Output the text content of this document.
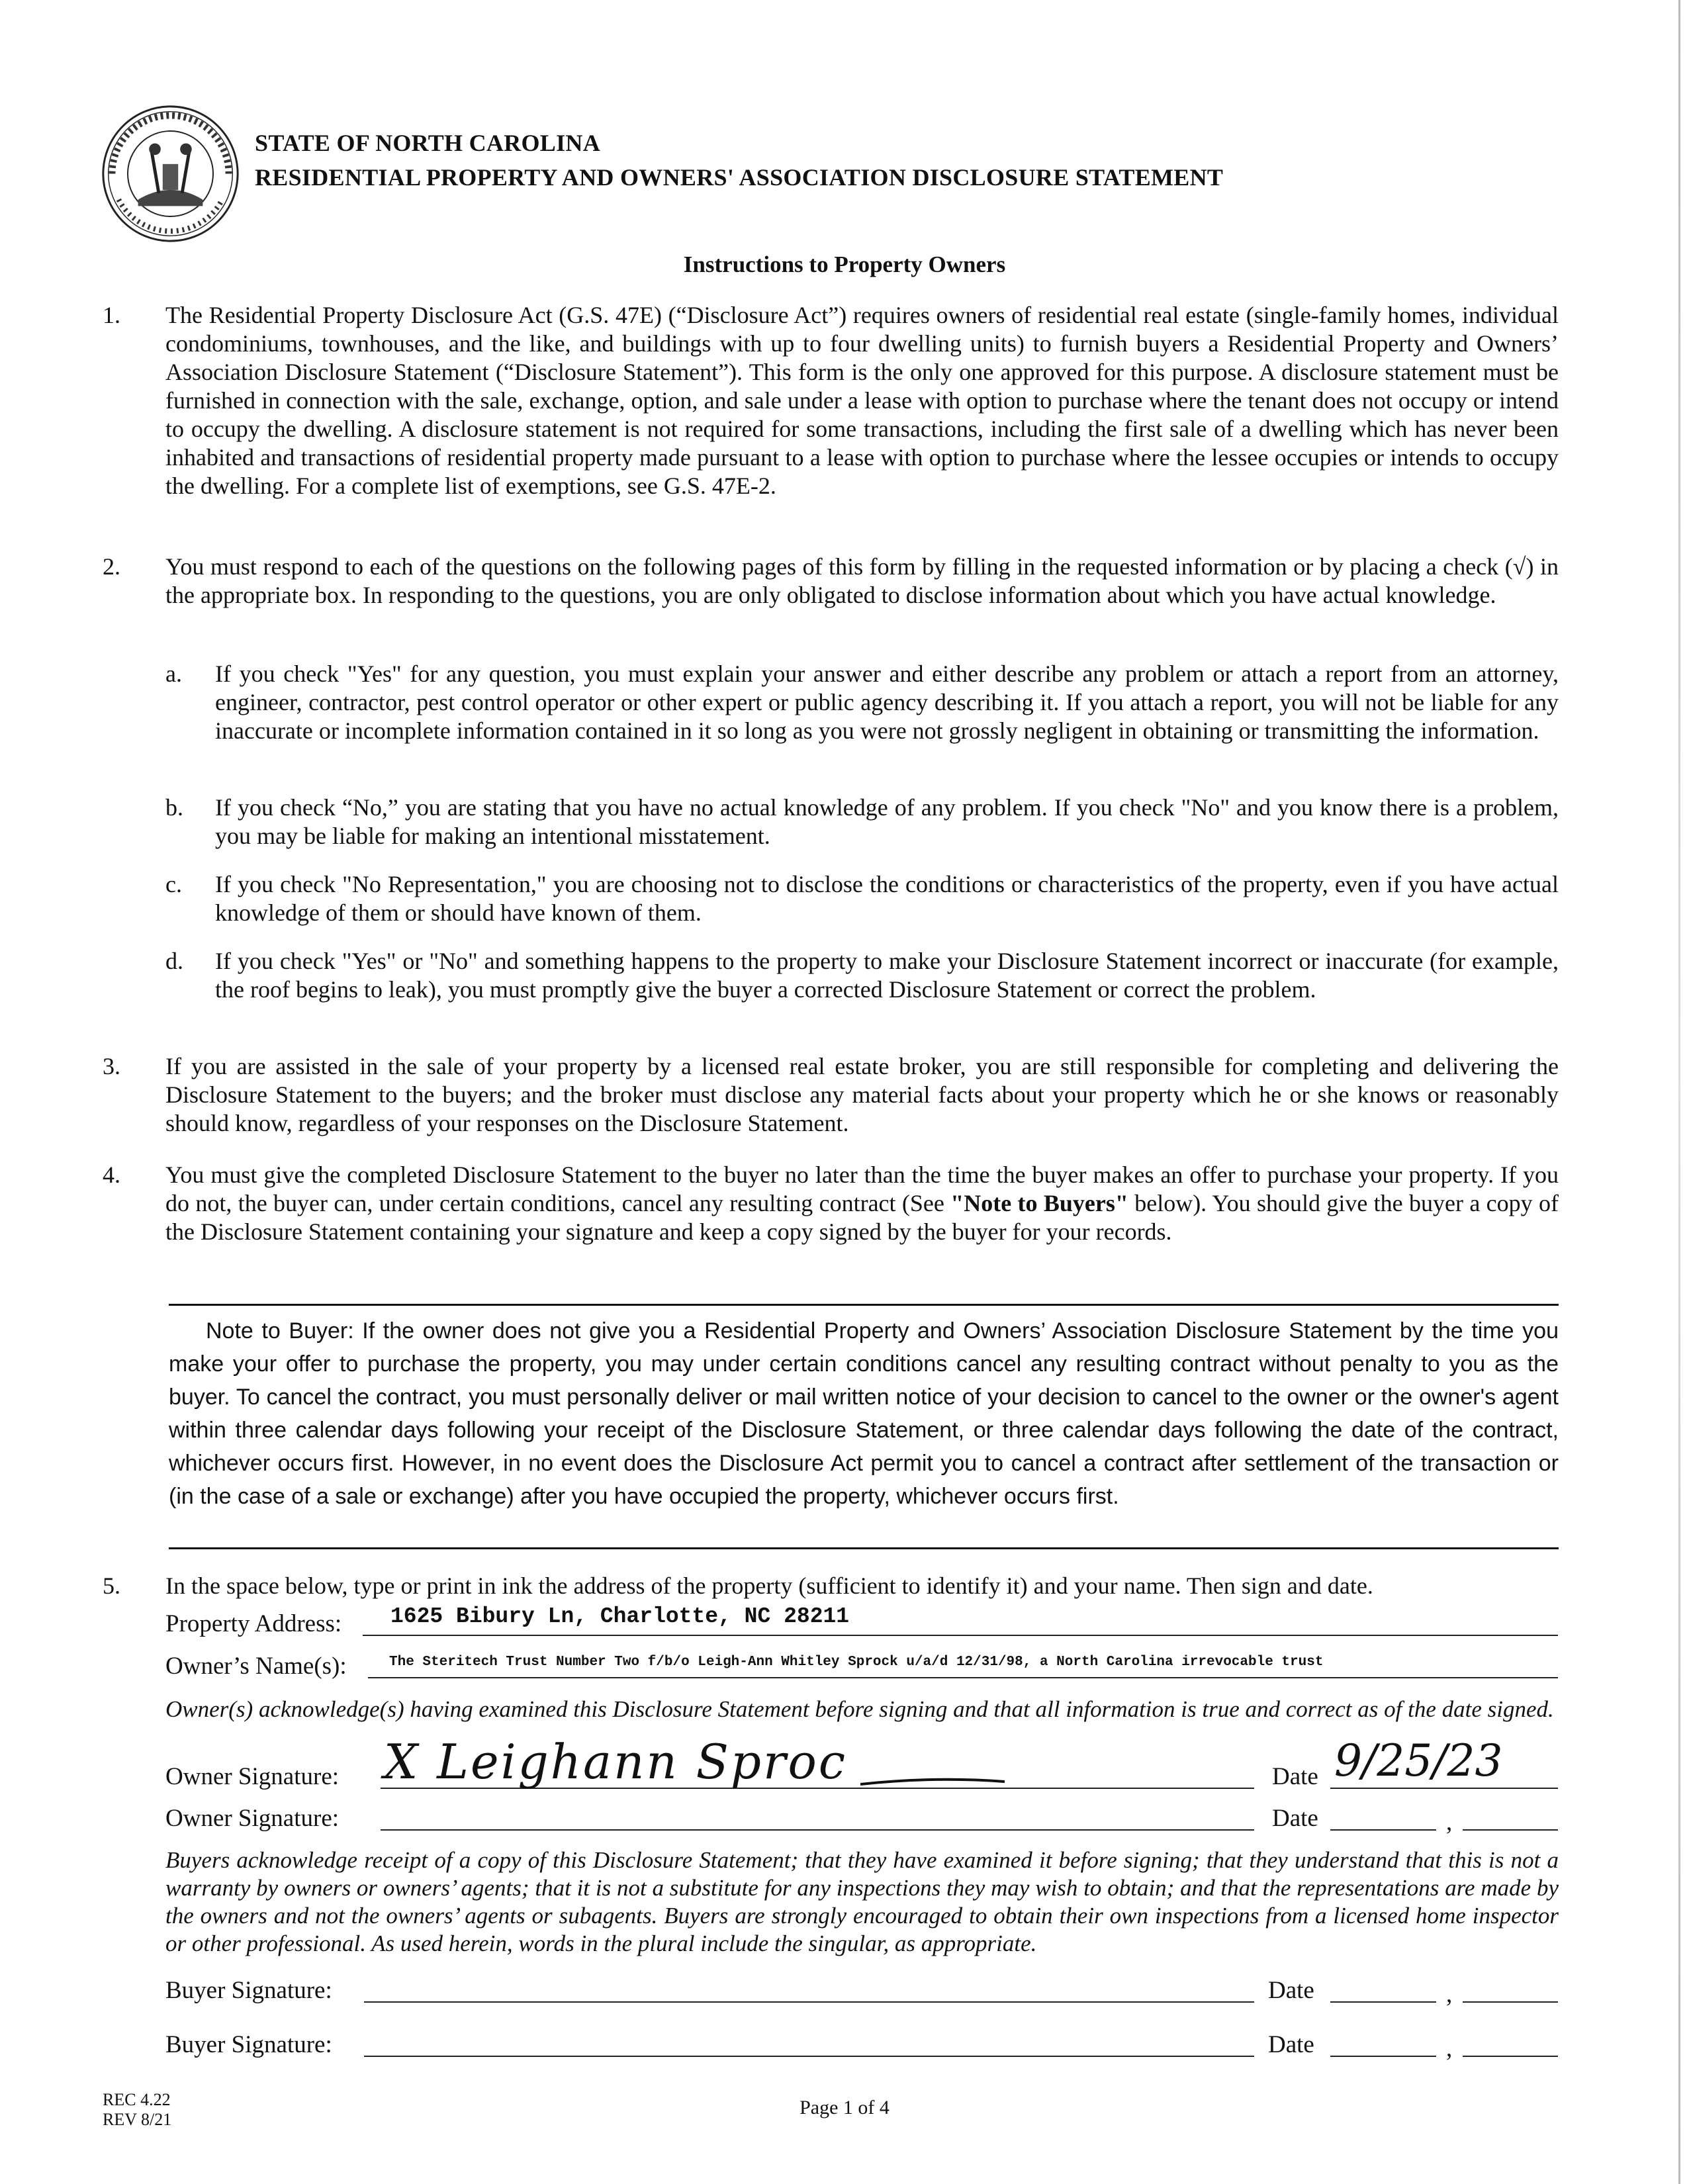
STATE OF NORTH CAROLINA
RESIDENTIAL PROPERTY AND OWNERS' ASSOCIATION DISCLOSURE STATEMENT
Instructions to Property Owners
1.	The Residential Property Disclosure Act (G.S. 47E) (“Disclosure Act”) requires owners of residential real estate (single-family homes, individual condominiums, townhouses, and the like, and buildings with up to four dwelling units) to furnish buyers a Residential Property and Owners’ Association Disclosure Statement (“Disclosure Statement”). This form is the only one approved for this purpose. A disclosure statement must be furnished in connection with the sale, exchange, option, and sale under a lease with option to purchase where the tenant does not occupy or intend to occupy the dwelling. A disclosure statement is not required for some transactions, including the first sale of a dwelling which has never been inhabited and transactions of residential property made pursuant to a lease with option to purchase where the lessee occupies or intends to occupy the dwelling. For a complete list of exemptions, see G.S. 47E-2.
2.	You must respond to each of the questions on the following pages of this form by filling in the requested information or by placing a check (√) in the appropriate box. In responding to the questions, you are only obligated to disclose information about which you have actual knowledge.
a.	If you check "Yes" for any question, you must explain your answer and either describe any problem or attach a report from an attorney, engineer, contractor, pest control operator or other expert or public agency describing it. If you attach a report, you will not be liable for any inaccurate or incomplete information contained in it so long as you were not grossly negligent in obtaining or transmitting the information.
b.	If you check “No,” you are stating that you have no actual knowledge of any problem. If you check "No" and you know there is a problem, you may be liable for making an intentional misstatement.
c.	If you check "No Representation," you are choosing not to disclose the conditions or characteristics of the property, even if you have actual knowledge of them or should have known of them.
d.	If you check "Yes" or "No" and something happens to the property to make your Disclosure Statement incorrect or inaccurate (for example, the roof begins to leak), you must promptly give the buyer a corrected Disclosure Statement or correct the problem.
3.	If you are assisted in the sale of your property by a licensed real estate broker, you are still responsible for completing and delivering the Disclosure Statement to the buyers; and the broker must disclose any material facts about your property which he or she knows or reasonably should know, regardless of your responses on the Disclosure Statement.
4.	You must give the completed Disclosure Statement to the buyer no later than the time the buyer makes an offer to purchase your property. If you do not, the buyer can, under certain conditions, cancel any resulting contract (See "Note to Buyers" below). You should give the buyer a copy of the Disclosure Statement containing your signature and keep a copy signed by the buyer for your records.
Note to Buyer: If the owner does not give you a Residential Property and Owners’ Association Disclosure Statement by the time you make your offer to purchase the property, you may under certain conditions cancel any resulting contract without penalty to you as the buyer. To cancel the contract, you must personally deliver or mail written notice of your decision to cancel to the owner or the owner's agent within three calendar days following your receipt of the Disclosure Statement, or three calendar days following the date of the contract, whichever occurs first. However, in no event does the Disclosure Act permit you to cancel a contract after settlement of the transaction or (in the case of a sale or exchange) after you have occupied the property, whichever occurs first.
5.	In the space below, type or print in ink the address of the property (sufficient to identify it) and your name. Then sign and date.
Property Address: 1625 Bibury Ln, Charlotte, NC 28211
Owner’s Name(s):	The Steritech Trust Number Two f/b/o Leigh-Ann Whitley Sprock u/a/d 12/31/98, a North Carolina irrevocable trust
Owner(s) acknowledge(s) having examined this Disclosure Statement before signing and that all information is true and correct as of the date signed.
Owner Signature: X Leighann Sproc	Date 9/25/23
Owner Signature:	Date	,
Buyers acknowledge receipt of a copy of this Disclosure Statement; that they have examined it before signing; that they understand that this is not a warranty by owners or owners’ agents; that it is not a substitute for any inspections they may wish to obtain; and that the representations are made by the owners and not the owners’ agents or subagents. Buyers are strongly encouraged to obtain their own inspections from a licensed home inspector or other professional. As used herein, words in the plural include the singular, as appropriate.
Buyer Signature:	Date	,
Buyer Signature:	Date	,
REC 4.22
REV 8/21
Page 1 of 4
